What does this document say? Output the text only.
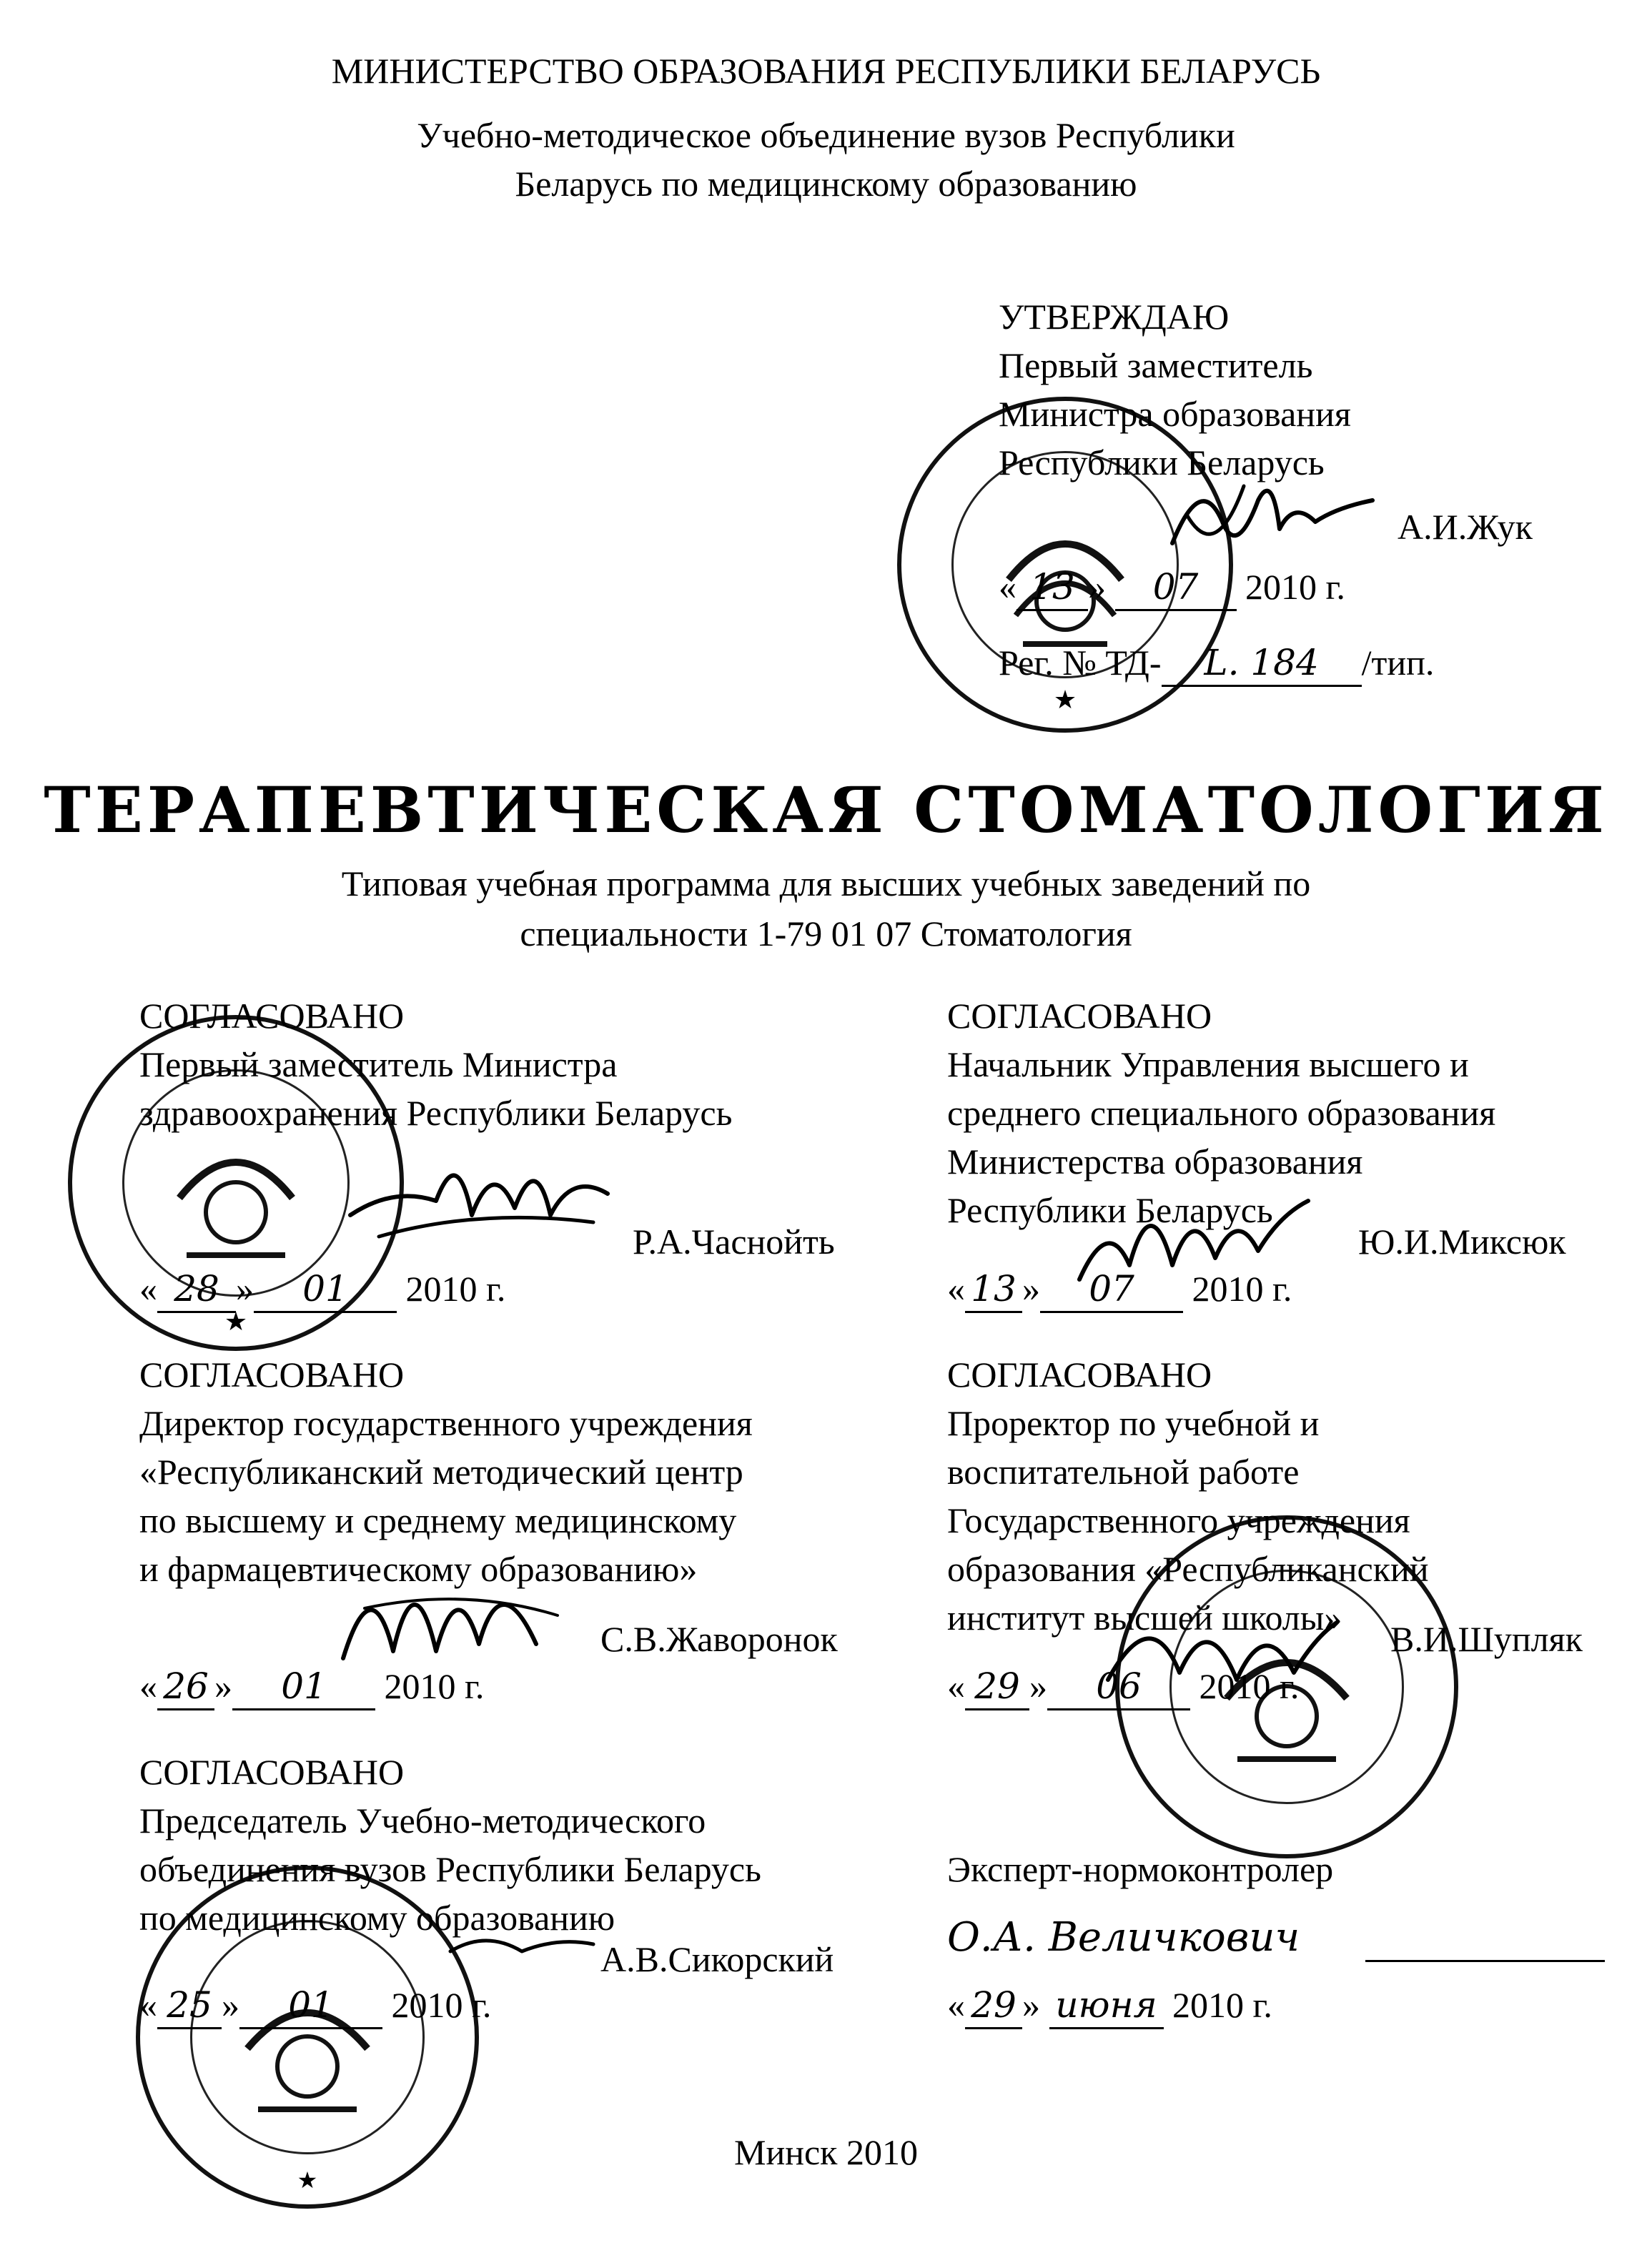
МИНИСТЕРСТВО ОБРАЗОВАНИЯ РЕСПУБЛИКИ БЕЛАРУСЬ
Учебно-методическое объединение вузов Республики
Беларусь по медицинскому образованию
★
УТВЕРЖДАЮ
Первый заместитель
Министра образования
Республики Беларусь
А.И.Жук
« 13 » 07 2010 г.
Рег. № ТД- L. 184 /тип.
ТЕРАПЕВТИЧЕСКАЯ СТОМАТОЛОГИЯ
Типовая учебная программа для высших учебных заведений по
специальности 1-79 01 07 Стоматология
★
СОГЛАСОВАНО
Первый заместитель Министра
здравоохранения Республики Беларусь
Р.А.Часнойть
« 28 » 01 2010 г.
СОГЛАСОВАНО
Начальник Управления высшего и
среднего специального образования
Министерства образования
Республики Беларусь
Ю.И.Миксюк
« 13 » 07 2010 г.
СОГЛАСОВАНО
Директор государственного учреждения
«Республиканский методический центр
по высшему и среднему медицинскому
и фармацевтическому образованию»
С.В.Жаворонок
« 26 » 01 2010 г.
СОГЛАСОВАНО
Проректор по учебной и
воспитательной работе
Государственного учреждения
образования «Республиканский
институт высшей школы»
В.И.Шупляк
« 29 » 06 2010 г.
★
СОГЛАСОВАНО
Председатель Учебно-методического
объединения вузов Республики Беларусь
по медицинскому образованию
А.В.Сикорский
« 25 » 01 2010 г.
Эксперт-нормоконтролер
О.А. Величкович
« 29 » июня 2010 г.
Минск 2010
